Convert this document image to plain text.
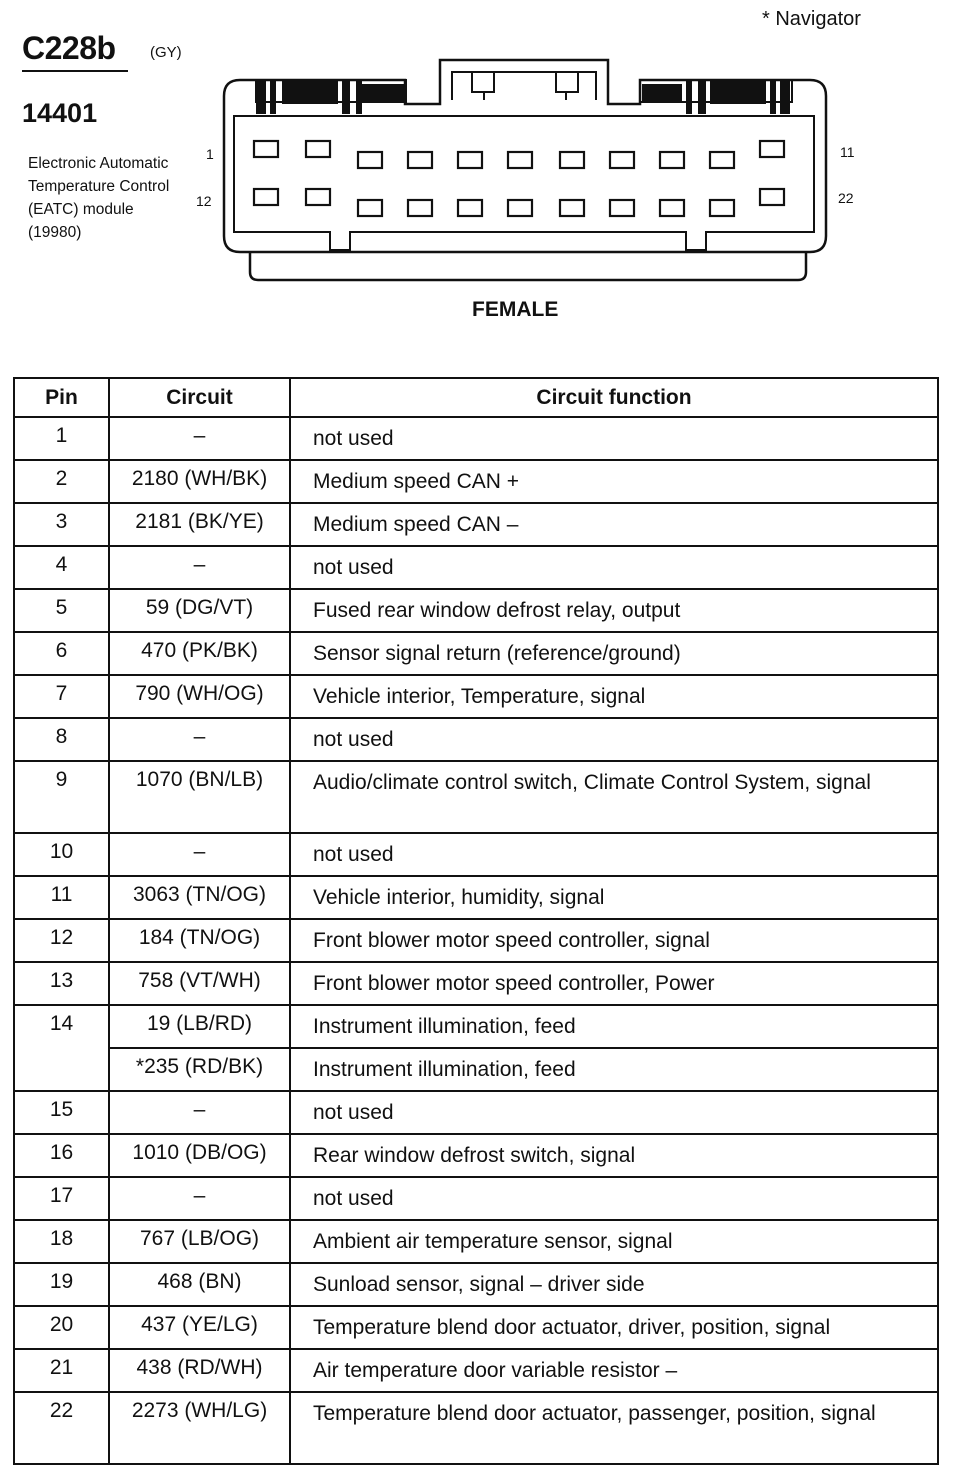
* Navigator
C228b (GY)
14401
Electronic Automatic
Temperature Control
(EATC) module
(19980)
1
12
11
22
FEMALE
Pin	Circuit	Circuit function
1	–	not used
2	2180 (WH/BK)	Medium speed CAN +
3	2181 (BK/YE)	Medium speed CAN –
4	–	not used
5	59 (DG/VT)	Fused rear window defrost relay, output
6	470 (PK/BK)	Sensor signal return (reference/ground)
7	790 (WH/OG)	Vehicle interior, Temperature, signal
8	–	not used
9	1070 (BN/LB)	Audio/climate control switch, Climate Control System, signal
10	–	not used
11	3063 (TN/OG)	Vehicle interior, humidity, signal
12	184 (TN/OG)	Front blower motor speed controller, signal
13	758 (VT/WH)	Front blower motor speed controller, Power
14	19 (LB/RD)	Instrument illumination, feed
	*235 (RD/BK)	Instrument illumination, feed
15	–	not used
16	1010 (DB/OG)	Rear window defrost switch, signal
17	–	not used
18	767 (LB/OG)	Ambient air temperature sensor, signal
19	468 (BN)	Sunload sensor, signal – driver side
20	437 (YE/LG)	Temperature blend door actuator, driver, position, signal
21	438 (RD/WH)	Air temperature door variable resistor –
22	2273 (WH/LG)	Temperature blend door actuator, passenger, position, signal
